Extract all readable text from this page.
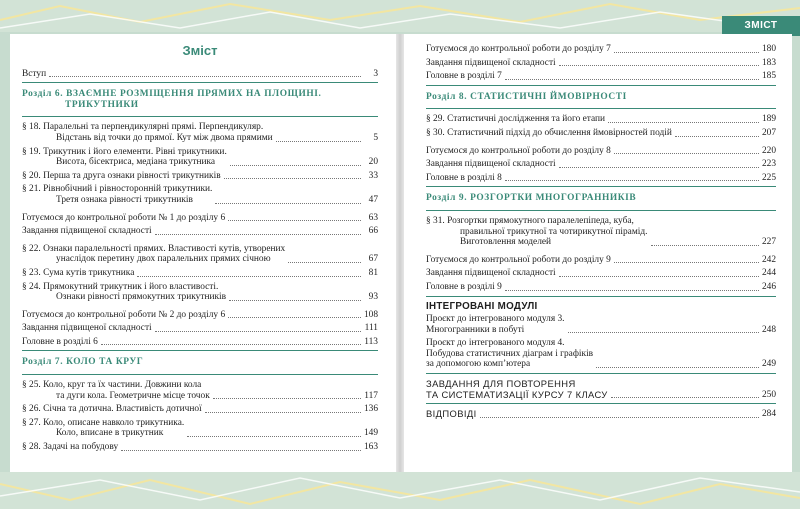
ЗМІСТ
Зміст
Вступ	3
Розділ 6. ВЗАЄМНЕ РОЗМІЩЕННЯ ПРЯМИХ НА ПЛОЩИНІ.
ТРИКУТНИКИ
§ 18. Паралельні та перпендикулярні прямі. Перпендикуляр.
Відстань від точки до прямої. Кут між двома прямими	5
§ 19. Трикутник і його елементи. Рівні трикутники.
Висота, бісектриса, медіана трикутника	20
§ 20. Перша та друга ознаки рівності трикутників	33
§ 21. Рівнобічний і рівносторонній трикутники.
Третя ознака рівності трикутників	47
Готуємося до контрольної роботи № 1 до розділу 6	63
Завдання підвищеної складності	66
§ 22. Ознаки паралельності прямих. Властивості кутів, утворених
унаслідок перетину двох паралельних прямих січною	67
§ 23. Сума кутів трикутника	81
§ 24. Прямокутний трикутник і його властивості.
Ознаки рівності прямокутних трикутників	93
Готуємося до контрольної роботи № 2 до розділу 6	108
Завдання підвищеної складності	111
Головне в розділі 6	113
Розділ 7. КОЛО ТА КРУГ
§ 25. Коло, круг та їх частини. Довжини кола
та дуги кола. Геометричне місце точок	117
§ 26. Січна та дотична. Властивість дотичної	136
§ 27. Коло, описане навколо трикутника.
Коло, вписане в трикутник	149
§ 28. Задачі на побудову	163
Готуємося до контрольної роботи до розділу 7	180
Завдання підвищеної складності	183
Головне в розділі 7	185
Розділ 8. СТАТИСТИЧНІ ЙМОВІРНОСТІ
§ 29. Статистичні дослідження та його етапи	189
§ 30. Статистичний підхід до обчислення ймовірностей подій	207
Готуємося до контрольної роботи до розділу 8	220
Завдання підвищеної складності	223
Головне в розділі 8	225
Розділ 9. РОЗГОРТКИ МНОГОГРАННИКІВ
§ 31. Розгортки прямокутного паралелепіпеда, куба,
правильної трикутної та чотирикутної пірамід.
Виготовлення моделей	227
Готуємося до контрольної роботи до розділу 9	242
Завдання підвищеної складності	244
Головне в розділі 9	246
ІНТЕГРОВАНІ МОДУЛІ
Проєкт до інтегрованого модуля 3.
Многогранники в побуті	248
Проєкт до інтегрованого модуля 4.
Побудова статистичних діаграм і графіків
за допомогою комп’ютера	249
ЗАВДАННЯ ДЛЯ ПОВТОРЕННЯ
ТА СИСТЕМАТИЗАЦІЇ КУРСУ 7 КЛАСУ	250
ВІДПОВІДІ	284
